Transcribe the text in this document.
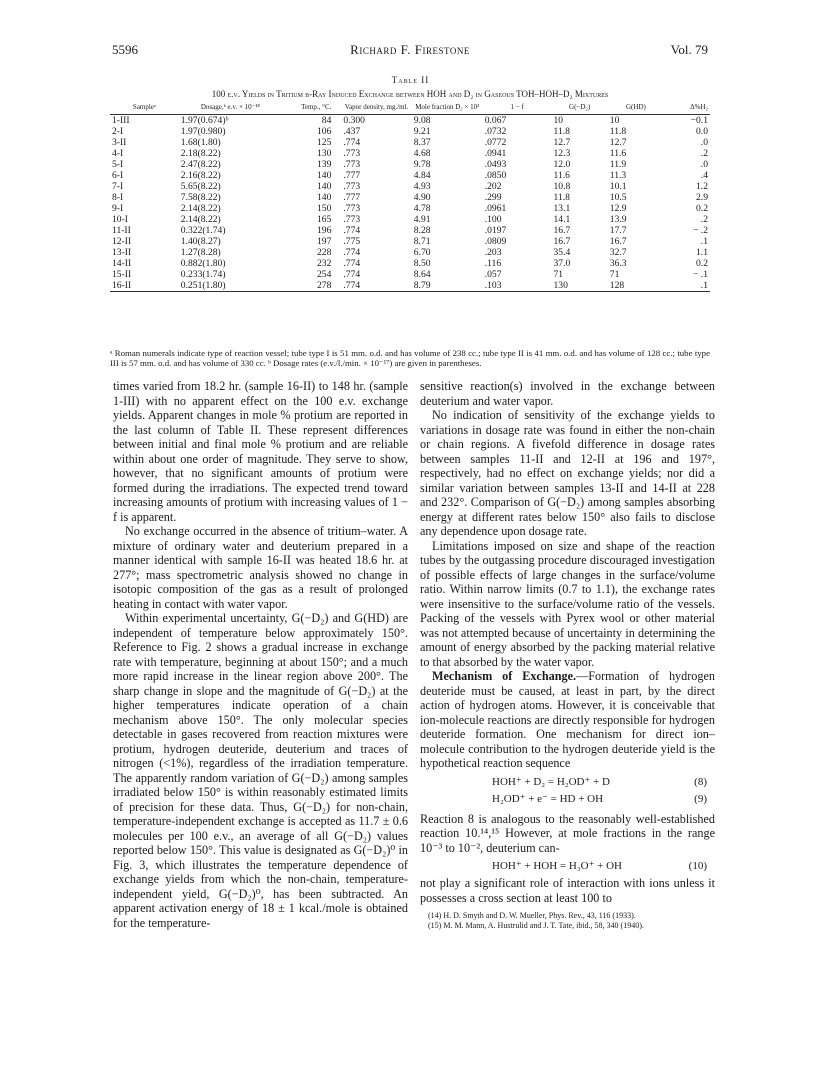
5596	Richard F. Firestone	Vol. 79
Table II
100 e.v. Yields in Tritium β-Ray Induced Exchange between HOH and D₂ in Gaseous TOH–HOH–D₂ Mixtures
Sampleᵃ	Dosage,ᵇ e.v. × 10⁻¹⁸	Temp., °C.	Vapor density, mg./ml.	Mole fraction D₂ × 10²	1 − f	G(−D₂)	G(HD)	Δ%H₂
1-III	1.97(0.674)ᵇ	84	0.300	9.08	0.067	10	10	−0.1
2-I	1.97(0.980)	106	.437	9.21	.0732	11.8	11.8	0.0
3-II	1.68(1.80)	125	.774	8.37	.0772	12.7	12.7	.0
4-I	2.18(8.22)	130	.773	4.68	.0941	12.3	11.6	.2
5-I	2.47(8.22)	139	.773	9.78	.0493	12.0	11.9	.0
6-I	2.16(8.22)	140	.777	4.84	.0850	11.6	11.3	.4
7-I	5.65(8.22)	140	.773	4.93	.202	10.8	10.1	1.2
8-I	7.58(8.22)	140	.777	4.90	.299	11.8	10.5	2.9
9-I	2.14(8.22)	150	.773	4.78	.0961	13.1	12.9	0.2
10-I	2.14(8.22)	165	.773	4.91	.100	14.1	13.9	.2
11-II	0.322(1.74)	196	.774	8.28	.0197	16.7	17.7	− .2
12-II	1.40(8.27)	197	.775	8.71	.0809	16.7	16.7	.1
13-II	1.27(8.28)	228	.774	6.70	.203	35.4	32.7	1.1
14-II	0.882(1.80)	232	.774	8.50	.116	37.0	36.3	0.2
15-II	0.233(1.74)	254	.774	8.64	.057	71	71	− .1
16-II	0.251(1.80)	278	.774	8.79	.103	130	128	.1
ᵃ Roman numerals indicate type of reaction vessel; tube type I is 51 mm. o.d. and has volume of 238 cc.; tube type II is 41 mm. o.d. and has volume of 128 cc.; tube type III is 57 mm. o.d. and has volume of 330 cc. ᵇ Dosage rates (e.v./l./min. × 10⁻¹⁷) are given in parentheses.

times varied from 18.2 hr. (sample 16-II) to 148 hr. (sample 1-III) with no apparent effect on the 100 e.v. exchange yields. Apparent changes in mole % protium are reported in the last column of Table II. These represent differences between initial and final mole % protium and are reliable within about one order of magnitude. They serve to show, however, that no significant amounts of protium were formed during the irradiations. The expected trend toward increasing amounts of protium with increasing values of 1 − f is apparent.

No exchange occurred in the absence of tritium–water. A mixture of ordinary water and deuterium prepared in a manner identical with sample 16-II was heated 18.6 hr. at 277°; mass spectrometric analysis showed no change in isotopic composition of the gas as a result of prolonged heating in contact with water vapor.

Within experimental uncertainty, G(−D₂) and G(HD) are independent of temperature below approximately 150°. Reference to Fig. 2 shows a gradual increase in exchange rate with temperature, beginning at about 150°; and a much more rapid increase in the linear region above 200°. The sharp change in slope and the magnitude of G(−D₂) at the higher temperatures indicate operation of a chain mechanism above 150°. The only molecular species detectable in gases recovered from reaction mixtures were protium, hydrogen deuteride, deuterium and traces of nitrogen (<1%), regardless of the irradiation temperature. The apparently random variation of G(−D₂) among samples irradiated below 150° is within reasonably estimated limits of precision for these data. Thus, G(−D₂) for non-chain, temperature-independent exchange is accepted as 11.7 ± 0.6 molecules per 100 e.v., an average of all G(−D₂) values reported below 150°. This value is designated as G(−D₂)⁰ in Fig. 3, which illustrates the temperature dependence of exchange yields from which the non-chain, temperature-independent yield, G(−D₂)⁰, has been subtracted. An apparent activation energy of 18 ± 1 kcal./mole is obtained for the temperature-

sensitive reaction(s) involved in the exchange between deuterium and water vapor.

No indication of sensitivity of the exchange yields to variations in dosage rate was found in either the non-chain or chain regions. A fivefold difference in dosage rates between samples 11-II and 12-II at 196 and 197°, respectively, had no effect on exchange yields; nor did a similar variation between samples 13-II and 14-II at 228 and 232°. Comparison of G(−D₂) among samples absorbing energy at different rates below 150° also fails to disclose any dependence upon dosage rate.

Limitations imposed on size and shape of the reaction tubes by the outgassing procedure discouraged investigation of possible effects of large changes in the surface/volume ratio. Within narrow limits (0.7 to 1.1), the exchange rates were insensitive to the surface/volume ratio of the vessels. Packing of the vessels with Pyrex wool or other material was not attempted because of uncertainty in determining the amount of energy absorbed by the packing material relative to that absorbed by the water vapor.

Mechanism of Exchange.—Formation of hydrogen deuteride must be caused, at least in part, by the direct action of hydrogen atoms. However, it is conceivable that ion-molecule reactions are directly responsible for hydrogen deuteride formation. One mechanism for direct ion–molecule contribution to the hydrogen deuteride yield is the hypothetical reaction sequence

HOH⁺ + D₂ = H₂OD⁺ + D	(8)
H₂OD⁺ + e⁻ = HD + OH	(9)

Reaction 8 is analogous to the reasonably well-established reaction 10.¹⁴,¹⁵ However, at mole fractions in the range 10⁻³ to 10⁻², deuterium can-

HOH⁺ + HOH = H₃O⁺ + OH	(10)

not play a significant role of interaction with ions unless it possesses a cross section at least 100 to

(14) H. D. Smyth and D. W. Mueller, Phys. Rev., 43, 116 (1933).
(15) M. M. Mann, A. Hustrulid and J. T. Tate, ibid., 58, 340 (1940).
